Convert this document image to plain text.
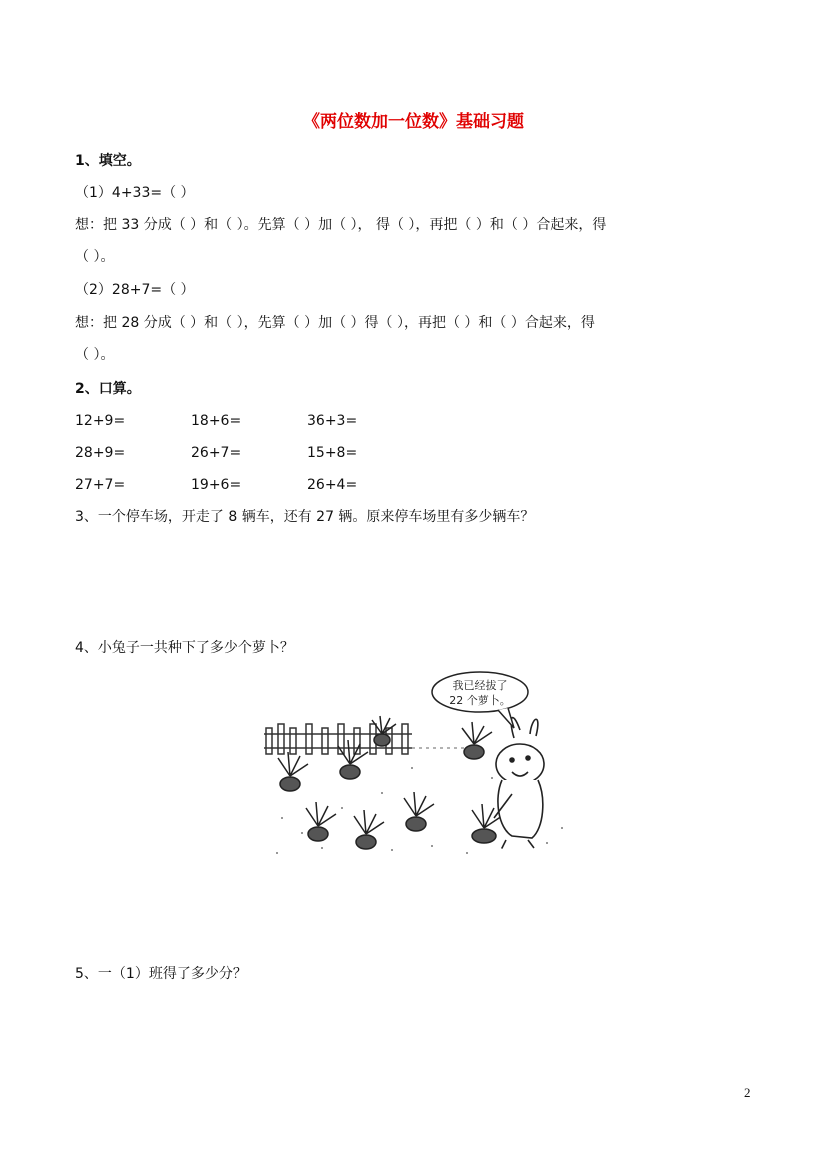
《两位数加一位数》基础习题
1、填空。
（1）4+33=（ ）
想：把 33 分成（ ）和（ ）。先算（ ）加（ ）， 得（ ），再把（ ）和（ ）合起来，得
（ ）。
（2）28+7=（ ）
想：把 28 分成（ ）和（ ），先算（ ）加（ ）得（ ），再把（ ）和（ ）合起来，得
（ ）。
2、口算。
12+9=	18+6=	36+3=
28+9=	26+7=	15+8=
27+7=	19+6=	26+4=
3、一个停车场，开走了 8 辆车，还有 27 辆。原来停车场里有多少辆车？
4、小兔子一共种下了多少个萝卜？
我已经拔了
22 个萝卜。
5、一（1）班得了多少分？
2
